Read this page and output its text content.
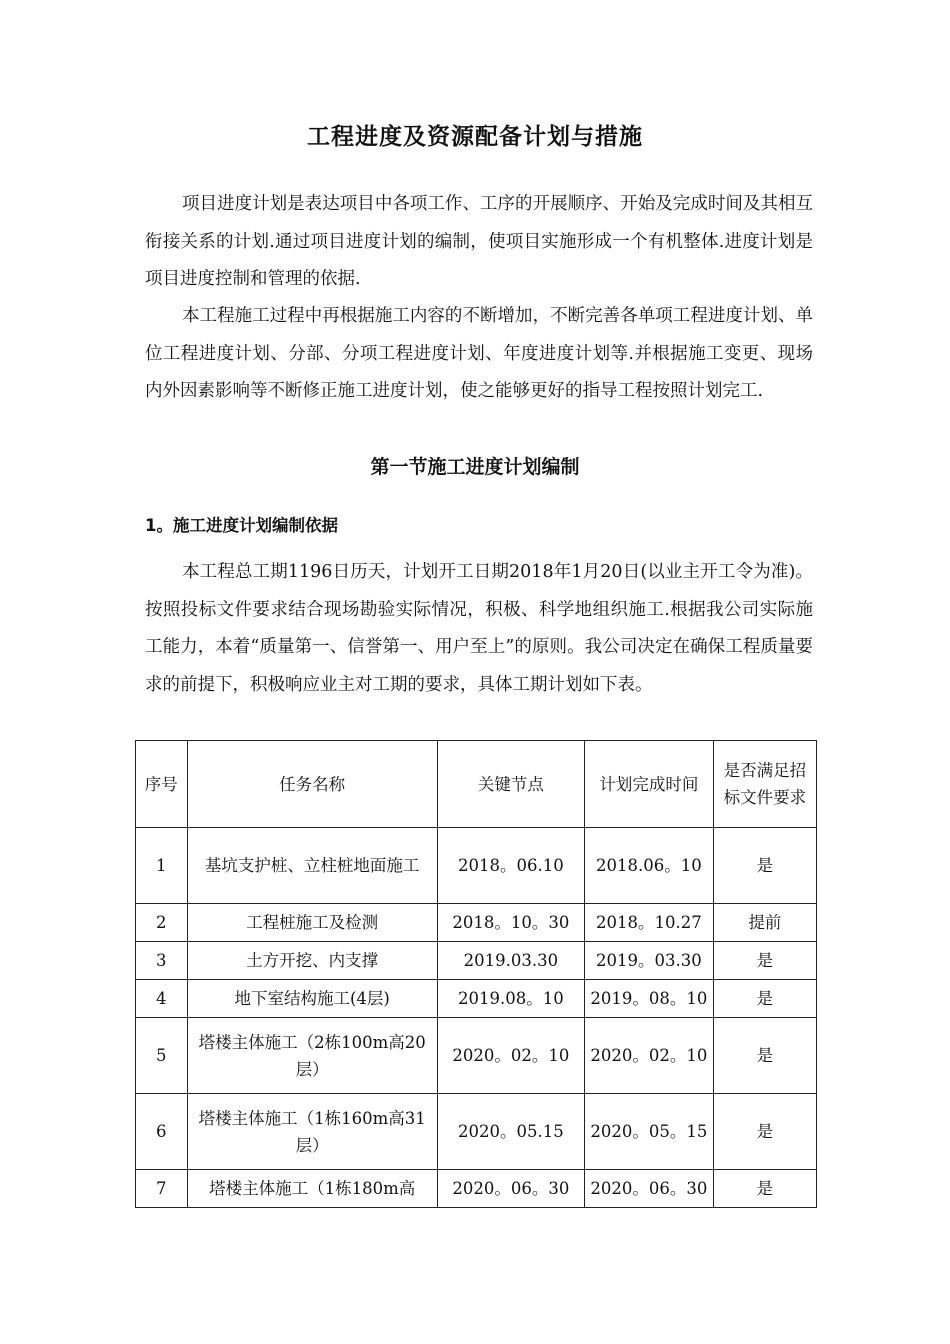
工程进度及资源配备计划与措施

项目进度计划是表达项目中各项工作、工序的开展顺序、开始及完成时间及其相互衔接关系的计划.通过项目进度计划的编制，使项目实施形成一个有机整体.进度计划是项目进度控制和管理的依据.

本工程施工过程中再根据施工内容的不断增加，不断完善各单项工程进度计划、单位工程进度计划、分部、分项工程进度计划、年度进度计划等.并根据施工变更、现场内外因素影响等不断修正施工进度计划，使之能够更好的指导工程按照计划完工.

第一节施工进度计划编制
1。施工进度计划编制依据

本工程总工期1196日历天，计划开工日期2018年1月20日(以业主开工令为准)。按照投标文件要求结合现场勘验实际情况，积极、科学地组织施工.根据我公司实际施工能力，本着“质量第一、信誉第一、用户至上”的原则。我公司决定在确保工程质量要求的前提下，积极响应业主对工期的要求，具体工期计划如下表。

序号	任务名称	关键节点	计划完成时间	是否满足招标文件要求
1	基坑支护桩、立柱桩地面施工	2018。06.10	2018.06。10	是
2	工程桩施工及检测	2018。10。30	2018。10.27	提前
3	土方开挖、内支撑	2019.03.30	2019。03.30	是
4	地下室结构施工(4层)	2019.08。10	2019。08。10	是
5	塔楼主体施工（2栋100m高20层）	2020。02。10	2020。02。10	是
6	塔楼主体施工（1栋160m高31层）	2020。05.15	2020。05。15	是
7	塔楼主体施工（1栋180m高	2020。06。30	2020。06。30	是
